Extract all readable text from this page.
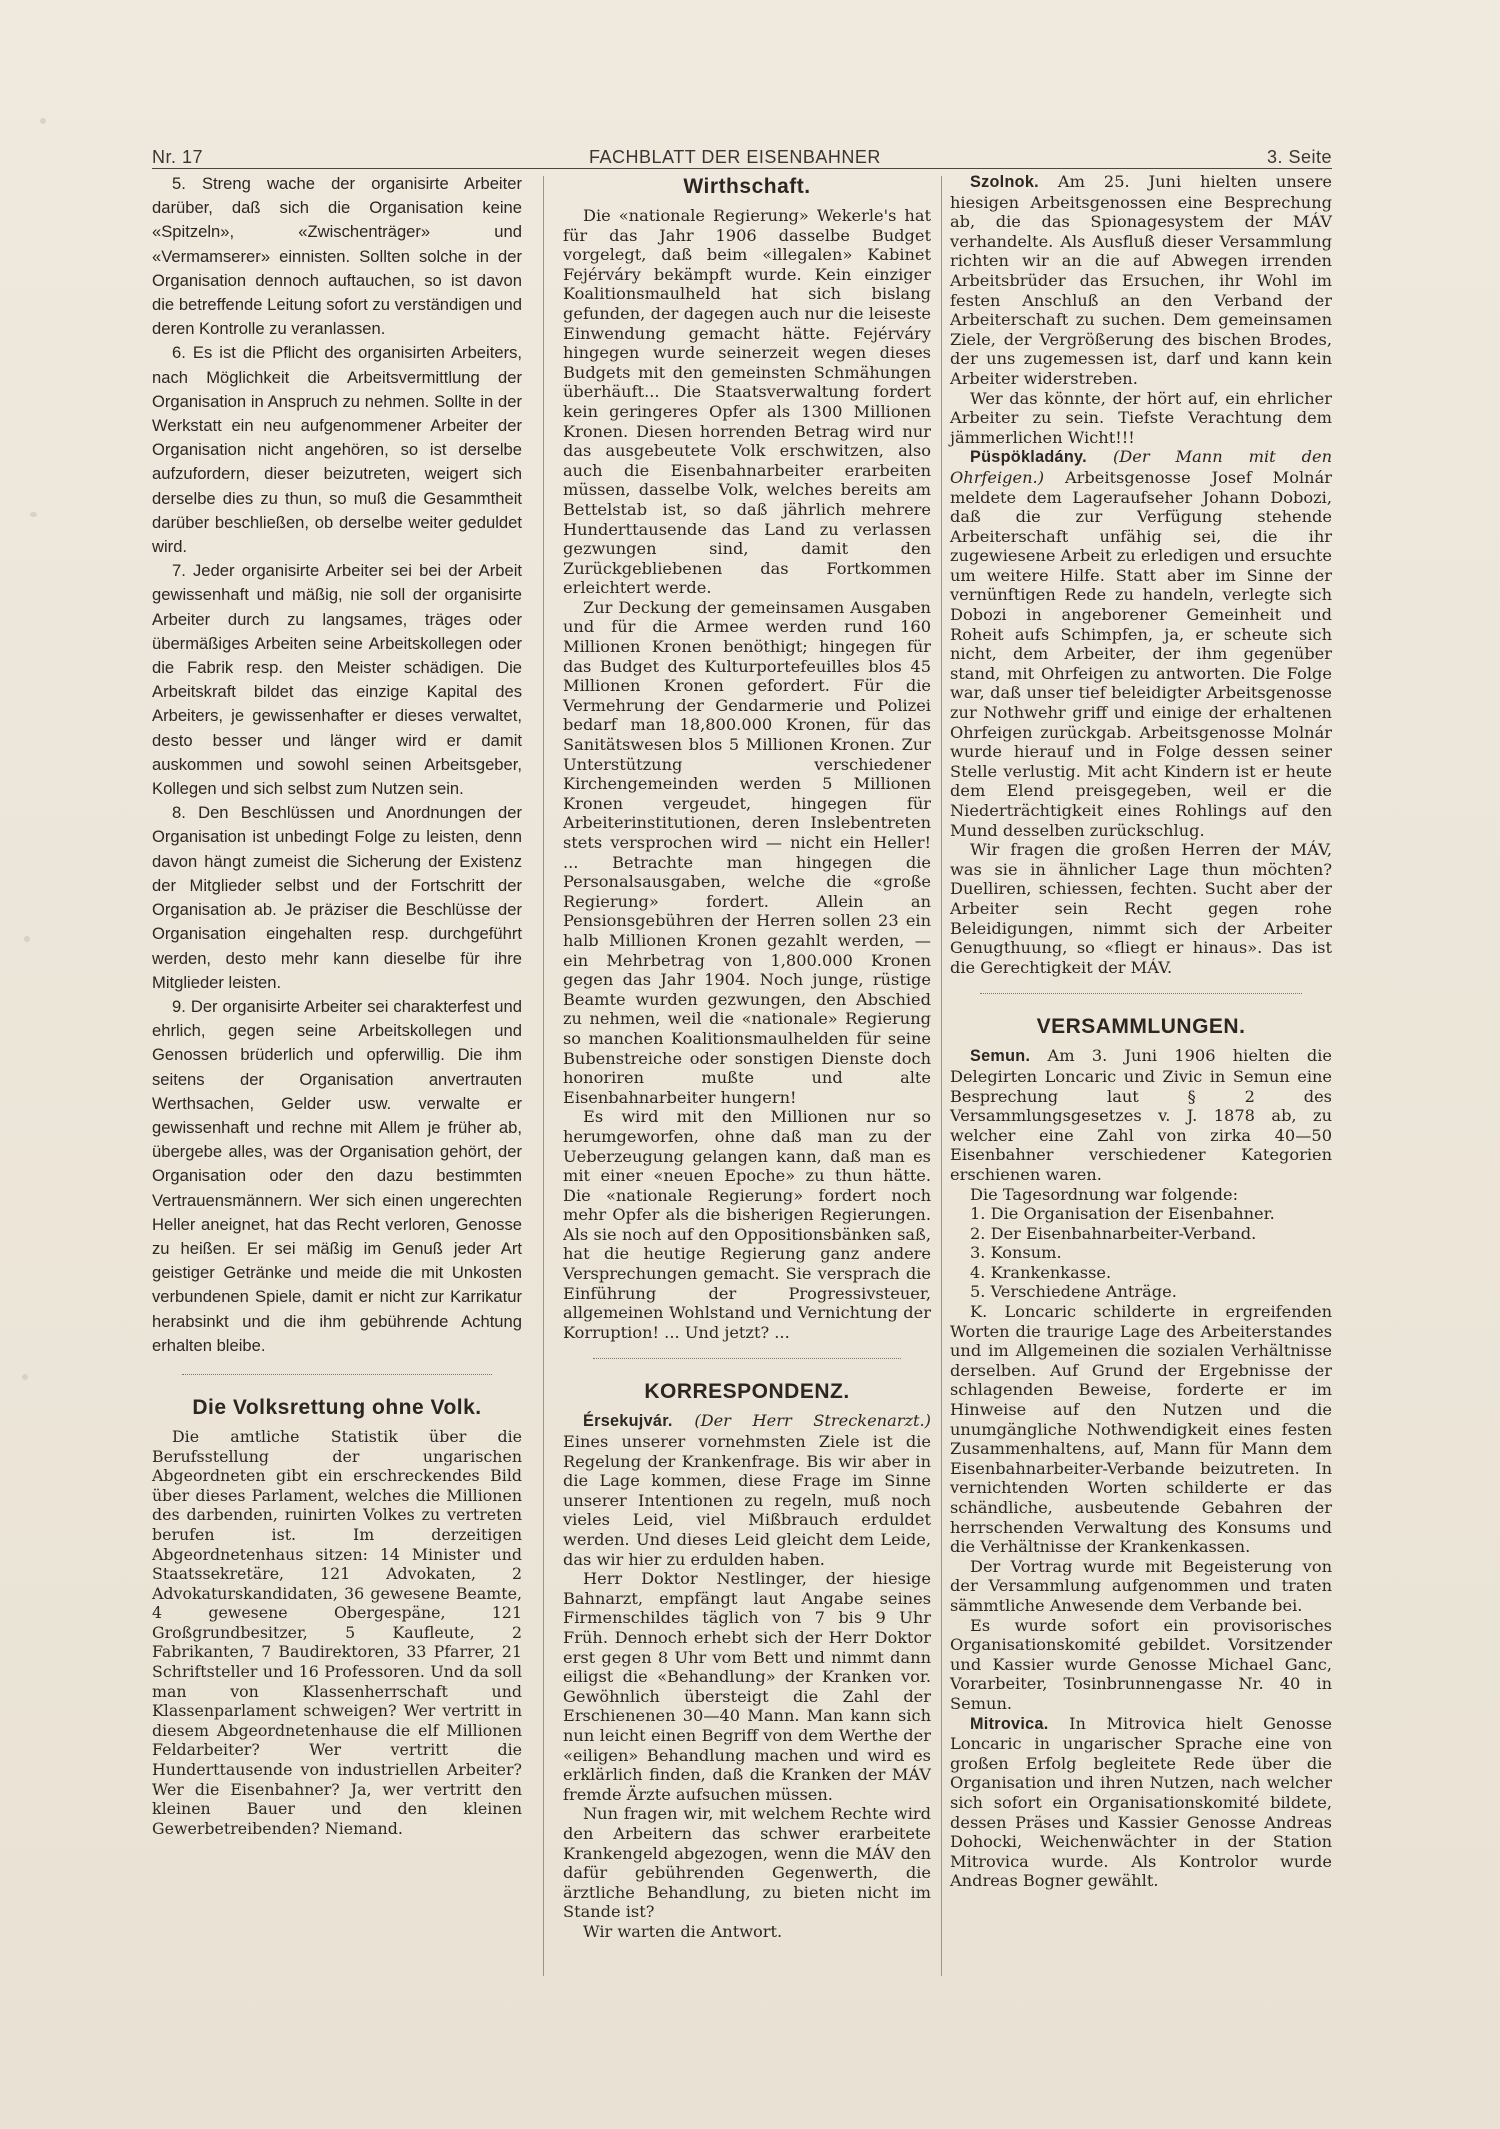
Nr. 17	FACHBLATT DER EISENBAHNER	3. Seite

5. Streng wache der organisirte Arbeiter darüber, daß sich die Organisation keine «Spitzeln», «Zwischenträger» und «Vermamserer» einnisten. Sollten solche in der Organisation dennoch auftauchen, so ist davon die betreffende Leitung sofort zu verständigen und deren Kontrolle zu veranlassen.

6. Es ist die Pflicht des organisirten Arbeiters, nach Möglichkeit die Arbeitsvermittlung der Organisation in Anspruch zu nehmen. Sollte in der Werkstatt ein neu aufgenommener Arbeiter der Organisation nicht angehören, so ist derselbe aufzufordern, dieser beizutreten, weigert sich derselbe dies zu thun, so muß die Gesammtheit darüber beschließen, ob derselbe weiter geduldet wird.

7. Jeder organisirte Arbeiter sei bei der Arbeit gewissenhaft und mäßig, nie soll der organisirte Arbeiter durch zu langsames, träges oder übermäßiges Arbeiten seine Arbeitskollegen oder die Fabrik resp. den Meister schädigen. Die Arbeitskraft bildet das einzige Kapital des Arbeiters, je gewissenhafter er dieses verwaltet, desto besser und länger wird er damit auskommen und sowohl seinen Arbeitsgeber, Kollegen und sich selbst zum Nutzen sein.

8. Den Beschlüssen und Anordnungen der Organisation ist unbedingt Folge zu leisten, denn davon hängt zumeist die Sicherung der Existenz der Mitglieder selbst und der Fortschritt der Organisation ab. Je präziser die Beschlüsse der Organisation eingehalten resp. durchgeführt werden, desto mehr kann dieselbe für ihre Mitglieder leisten.

9. Der organisirte Arbeiter sei charakterfest und ehrlich, gegen seine Arbeitskollegen und Genossen brüderlich und opferwillig. Die ihm seitens der Organisation anvertrauten Werthsachen, Gelder usw. verwalte er gewissenhaft und rechne mit Allem je früher ab, übergebe alles, was der Organisation gehört, der Organisation oder den dazu bestimmten Vertrauensmännern. Wer sich einen ungerechten Heller aneignet, hat das Recht verloren, Genosse zu heißen. Er sei mäßig im Genuß jeder Art geistiger Getränke und meide die mit Unkosten verbundenen Spiele, damit er nicht zur Karrikatur herabsinkt und die ihm gebührende Achtung erhalten bleibe.

Die Volksrettung ohne Volk.

Die amtliche Statistik über die Berufsstellung der ungarischen Abgeordneten gibt ein erschreckendes Bild über dieses Parlament, welches die Millionen des darbenden, ruinirten Volkes zu vertreten berufen ist. Im derzeitigen Abgeordnetenhaus sitzen: 14 Minister und Staatssekretäre, 121 Advokaten, 2 Advokaturskandidaten, 36 gewesene Beamte, 4 gewesene Obergespäne, 121 Großgrundbesitzer, 5 Kaufleute, 2 Fabrikanten, 7 Baudirektoren, 33 Pfarrer, 21 Schriftsteller und 16 Professoren. Und da soll man von Klassenherrschaft und Klassenparlament schweigen? Wer vertritt in diesem Abgeordnetenhause die elf Millionen Feldarbeiter? Wer vertritt die Hunderttausende von industriellen Arbeiter? Wer die Eisenbahner? Ja, wer vertritt den kleinen Bauer und den kleinen Gewerbetreibenden? Niemand.

Wirthschaft.

Die «nationale Regierung» Wekerle's hat für das Jahr 1906 dasselbe Budget vorgelegt, daß beim «illegalen» Kabinet Fejérváry bekämpft wurde. Kein einziger Koalitionsmaulheld hat sich bislang gefunden, der dagegen auch nur die leiseste Einwendung gemacht hätte. Fejérváry hingegen wurde seinerzeit wegen dieses Budgets mit den gemeinsten Schmähungen überhäuft... Die Staatsverwaltung fordert kein geringeres Opfer als 1300 Millionen Kronen. Diesen horrenden Betrag wird nur das ausgebeutete Volk erschwitzen, also auch die Eisenbahnarbeiter erarbeiten müssen, dasselbe Volk, welches bereits am Bettelstab ist, so daß jährlich mehrere Hunderttausende das Land zu verlassen gezwungen sind, damit den Zurückgebliebenen das Fortkommen erleichtert werde.

Zur Deckung der gemeinsamen Ausgaben und für die Armee werden rund 160 Millionen Kronen benöthigt; hingegen für das Budget des Kulturportefeuilles blos 45 Millionen Kronen gefordert. Für die Vermehrung der Gendarmerie und Polizei bedarf man 18,800.000 Kronen, für das Sanitätswesen blos 5 Millionen Kronen. Zur Unterstützung verschiedener Kirchengemeinden werden 5 Millionen Kronen vergeudet, hingegen für Arbeiterinstitutionen, deren Inslebentreten stets versprochen wird — nicht ein Heller! ... Betrachte man hingegen die Personalsausgaben, welche die «große Regierung» fordert. Allein an Pensionsgebühren der Herren sollen 23 ein halb Millionen Kronen gezahlt werden, — ein Mehrbetrag von 1,800.000 Kronen gegen das Jahr 1904. Noch junge, rüstige Beamte wurden gezwungen, den Abschied zu nehmen, weil die «nationale» Regierung so manchen Koalitionsmaulhelden für seine Bubenstreiche oder sonstigen Dienste doch honoriren mußte und alte Eisenbahnarbeiter hungern!

Es wird mit den Millionen nur so herumgeworfen, ohne daß man zu der Ueberzeugung gelangen kann, daß man es mit einer «neuen Epoche» zu thun hätte. Die «nationale Regierung» fordert noch mehr Opfer als die bisherigen Regierungen. Als sie noch auf den Oppositionsbänken saß, hat die heutige Regierung ganz andere Versprechungen gemacht. Sie versprach die Einführung der Progressivsteuer, allgemeinen Wohlstand und Vernichtung der Korruption! ... Und jetzt? ...

KORRESPONDENZ.

Érsekujvár. (Der Herr Streckenarzt.) Eines unserer vornehmsten Ziele ist die Regelung der Krankenfrage. Bis wir aber in die Lage kommen, diese Frage im Sinne unserer Intentionen zu regeln, muß noch vieles Leid, viel Mißbrauch erduldet werden. Und dieses Leid gleicht dem Leide, das wir hier zu erdulden haben.

Herr Doktor Nestlinger, der hiesige Bahnarzt, empfängt laut Angabe seines Firmenschildes täglich von 7 bis 9 Uhr Früh. Dennoch erhebt sich der Herr Doktor erst gegen 8 Uhr vom Bett und nimmt dann eiligst die «Behandlung» der Kranken vor. Gewöhnlich übersteigt die Zahl der Erschienenen 30—40 Mann. Man kann sich nun leicht einen Begriff von dem Werthe der «eiligen» Behandlung machen und wird es erklärlich finden, daß die Kranken der MÁV fremde Ärzte aufsuchen müssen.

Nun fragen wir, mit welchem Rechte wird den Arbeitern das schwer erarbeitete Krankengeld abgezogen, wenn die MÁV den dafür gebührenden Gegenwerth, die ärztliche Behandlung, zu bieten nicht im Stande ist?

Wir warten die Antwort.

Szolnok. Am 25. Juni hielten unsere hiesigen Arbeitsgenossen eine Besprechung ab, die das Spionagesystem der MÁV verhandelte. Als Ausfluß dieser Versammlung richten wir an die auf Abwegen irrenden Arbeitsbrüder das Ersuchen, ihr Wohl im festen Anschluß an den Verband der Arbeiterschaft zu suchen. Dem gemeinsamen Ziele, der Vergrößerung des bischen Brodes, der uns zugemessen ist, darf und kann kein Arbeiter widerstreben.

Wer das könnte, der hört auf, ein ehrlicher Arbeiter zu sein. Tiefste Verachtung dem jämmerlichen Wicht!!!

Püspökladány. (Der Mann mit den Ohrfeigen.) Arbeitsgenosse Josef Molnár meldete dem Lageraufseher Johann Dobozi, daß die zur Verfügung stehende Arbeiterschaft unfähig sei, die ihr zugewiesene Arbeit zu erledigen und ersuchte um weitere Hilfe. Statt aber im Sinne der vernünftigen Rede zu handeln, verlegte sich Dobozi in angeborener Gemeinheit und Roheit aufs Schimpfen, ja, er scheute sich nicht, dem Arbeiter, der ihm gegenüber stand, mit Ohrfeigen zu antworten. Die Folge war, daß unser tief beleidigter Arbeitsgenosse zur Nothwehr griff und einige der erhaltenen Ohrfeigen zurückgab. Arbeitsgenosse Molnár wurde hierauf und in Folge dessen seiner Stelle verlustig. Mit acht Kindern ist er heute dem Elend preisgegeben, weil er die Niederträchtigkeit eines Rohlings auf den Mund desselben zurückschlug.

Wir fragen die großen Herren der MÁV, was sie in ähnlicher Lage thun möchten? Duelliren, schiessen, fechten. Sucht aber der Arbeiter sein Recht gegen rohe Beleidigungen, nimmt sich der Arbeiter Genugthuung, so «fliegt er hinaus». Das ist die Gerechtigkeit der MÁV.

VERSAMMLUNGEN.

Semun. Am 3. Juni 1906 hielten die Delegirten Loncaric und Zivic in Semun eine Besprechung laut § 2 des Versammlungsgesetzes v. J. 1878 ab, zu welcher eine Zahl von zirka 40—50 Eisenbahner verschiedener Kategorien erschienen waren.

Die Tagesordnung war folgende:

1. Die Organisation der Eisenbahner.
2. Der Eisenbahnarbeiter-Verband.
3. Konsum.
4. Krankenkasse.
5. Verschiedene Anträge.

K. Loncaric schilderte in ergreifenden Worten die traurige Lage des Arbeiterstandes und im Allgemeinen die sozialen Verhältnisse derselben. Auf Grund der Ergebnisse der schlagenden Beweise, forderte er im Hinweise auf den Nutzen und die unumgängliche Nothwendigkeit eines festen Zusammenhaltens, auf, Mann für Mann dem Eisenbahnarbeiter-Verbande beizutreten. In vernichtenden Worten schilderte er das schändliche, ausbeutende Gebahren der herrschenden Verwaltung des Konsums und die Verhältnisse der Krankenkassen.

Der Vortrag wurde mit Begeisterung von der Versammlung aufgenommen und traten sämmtliche Anwesende dem Verbande bei.

Es wurde sofort ein provisorisches Organisationskomité gebildet. Vorsitzender und Kassier wurde Genosse Michael Ganc, Vorarbeiter, Tosinbrunnengasse Nr. 40 in Semun.

Mitrovica. In Mitrovica hielt Genosse Loncaric in ungarischer Sprache eine von großen Erfolg begleitete Rede über die Organisation und ihren Nutzen, nach welcher sich sofort ein Organisationskomité bildete, dessen Präses und Kassier Genosse Andreas Dohocki, Weichenwächter in der Station Mitrovica wurde. Als Kontrolor wurde Andreas Bogner gewählt.
